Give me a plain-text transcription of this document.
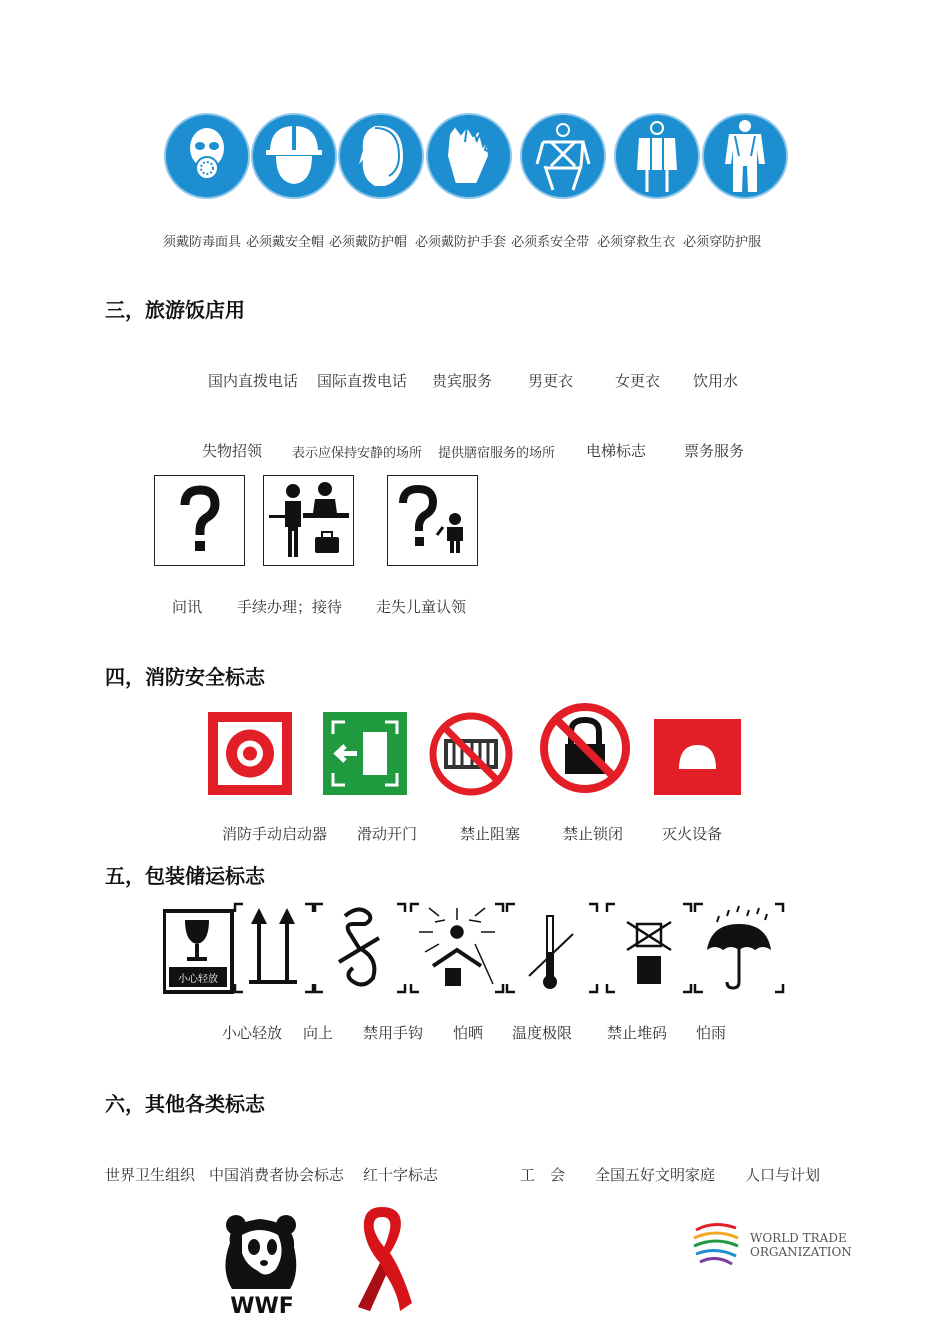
须戴防毒面具 必须戴安全帽 必须戴防护帽 必须戴防护手套 必须系安全带 必须穿救生衣 必须穿防护服
三，旅游饭店用
国内直拨电话 国际直拨电话 贵宾服务 男更衣	女更衣 饮用水
失物招领 表示应保持安静的场所 提供膳宿服务的场所 电梯标志	票务服务
问讯 手续办理；接待 走失儿童认领
四，消防安全标志
消防手动启动器 滑动开门	禁止阻塞	禁止锁闭	灭火设备
五，包装储运标志
小心轻放
小心轻放 向上 禁用手钩 怕晒 温度极限 禁止堆码 怕雨
六，其他各类标志
世界卫生组织 中国消费者协会标志 红十字标志	工　会 全国五好文明家庭 人口与计划
WWF
WORLD TRADE
ORGANIZATION
